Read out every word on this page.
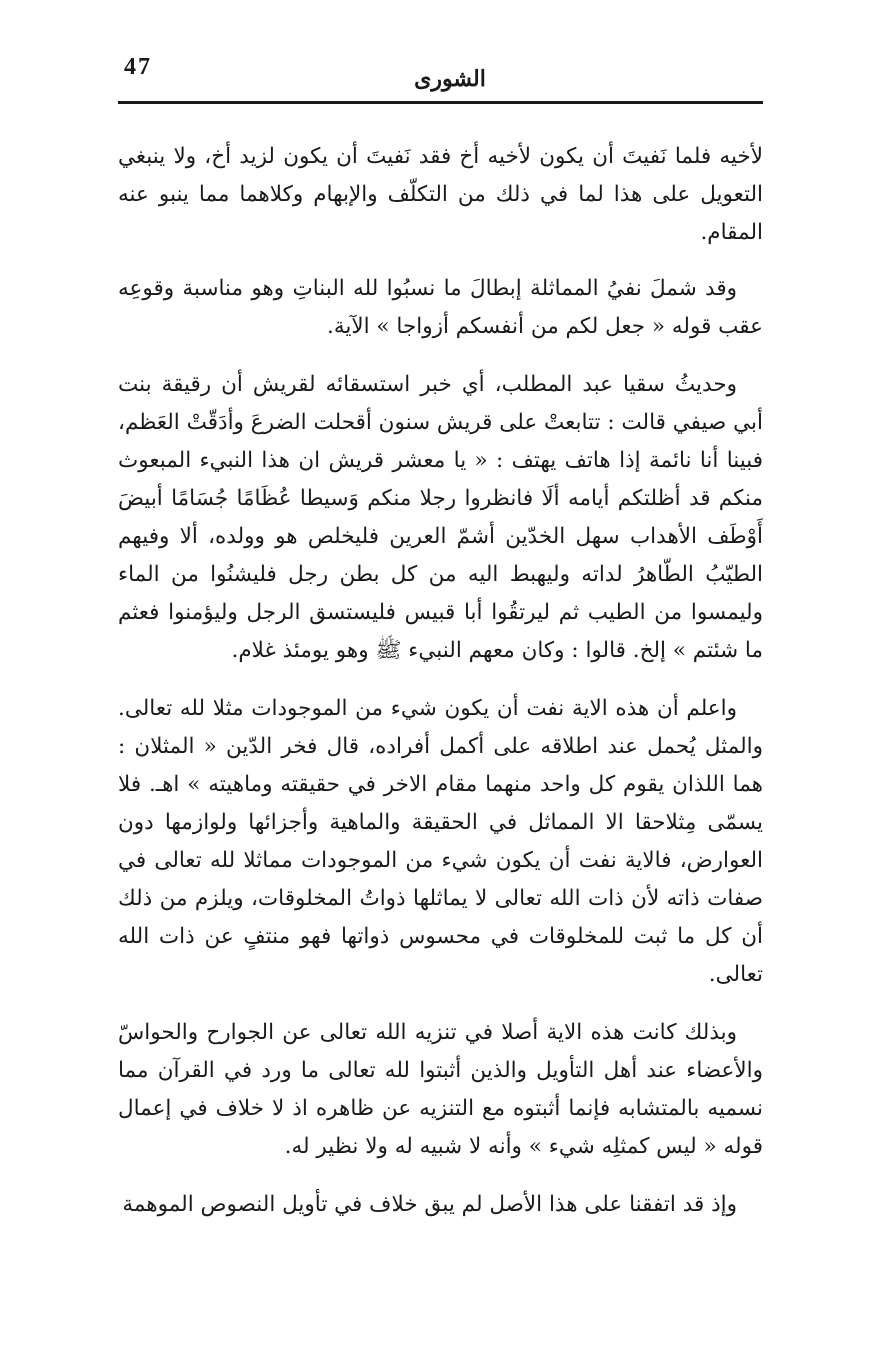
47	الشورى

لأخيه فلما نَفيتَ أن يكون لأخيه أخ فقد نَفيتَ أن يكون لزيد أخ، ولا ينبغي التعويل على هذا لما في ذلك من التكلّف والإبهام وكلاهما مما ينبو عنه المقام.

وقد شملَ نفيُ المماثلة إبطالَ ما نسبُوا لله البناتِ وهو مناسبة وقوعِه عقب قوله « جعل لكم من أنفسكم أزواجا » الآية.

وحديثُ سقيا عبد المطلب، أي خبر استسقائه لقريش أن رقيقة بنت أبي صيفي قالت : تتابعتْ على قريش سنون أقحلت الضرعَ وأدَقّتْ العَظم، فبينا أنا نائمة إذا هاتف يهتف : « يا معشر قريش ان هذا النبيء المبعوث منكم قد أظلتكم أيامه ألَا فانظروا رجلا منكم وَسيطا عُظَامًا جُسَامًا أبيضَ أَوْطَف الأهداب سهل الخدّين أشمّ العرين فليخلص هو وولده، ألا وفيهم الطيّبُ الطّاهرُ لداته وليهبط اليه من كل بطن رجل فليشنُوا من الماء وليمسوا من الطيب ثم ليرتقُوا أبا قبيس فليستسق الرجل وليؤمنوا فعثم ما شئتم » إلخ. قالوا : وكان معهم النبيء ﷺ وهو يومئذ غلام.

واعلم أن هذه الاية نفت أن يكون شيء من الموجودات مثلا لله تعالى. والمثل يُحمل عند اطلاقه على أكمل أفراده، قال فخر الدّين « المثلان : هما اللذان يقوم كل واحد منهما مقام الاخر في حقيقته وماهيته » اهـ. فلا يسمّى مِثلاحقا الا المماثل في الحقيقة والماهية وأجزائها ولوازمها دون العوارض، فالاية نفت أن يكون شيء من الموجودات مماثلا لله تعالى في صفات ذاته لأن ذات الله تعالى لا يماثلها ذواتُ المخلوقات، ويلزم من ذلك أن كل ما ثبت للمخلوقات في محسوس ذواتها فهو منتفٍ عن ذات الله تعالى.

وبذلك كانت هذه الاية أصلا في تنزيه الله تعالى عن الجوارح والحواسّ والأعضاء عند أهل التأويل والذين أثبتوا لله تعالى ما ورد في القرآن مما نسميه بالمتشابه فإنما أثبتوه مع التنزيه عن ظاهره اذ لا خلاف في إعمال قوله « ليس كمثلِه شيء » وأنه لا شبيه له ولا نظير له.

وإذ قد اتفقنا على هذا الأصل لم يبق خلاف في تأويل النصوص الموهمة
